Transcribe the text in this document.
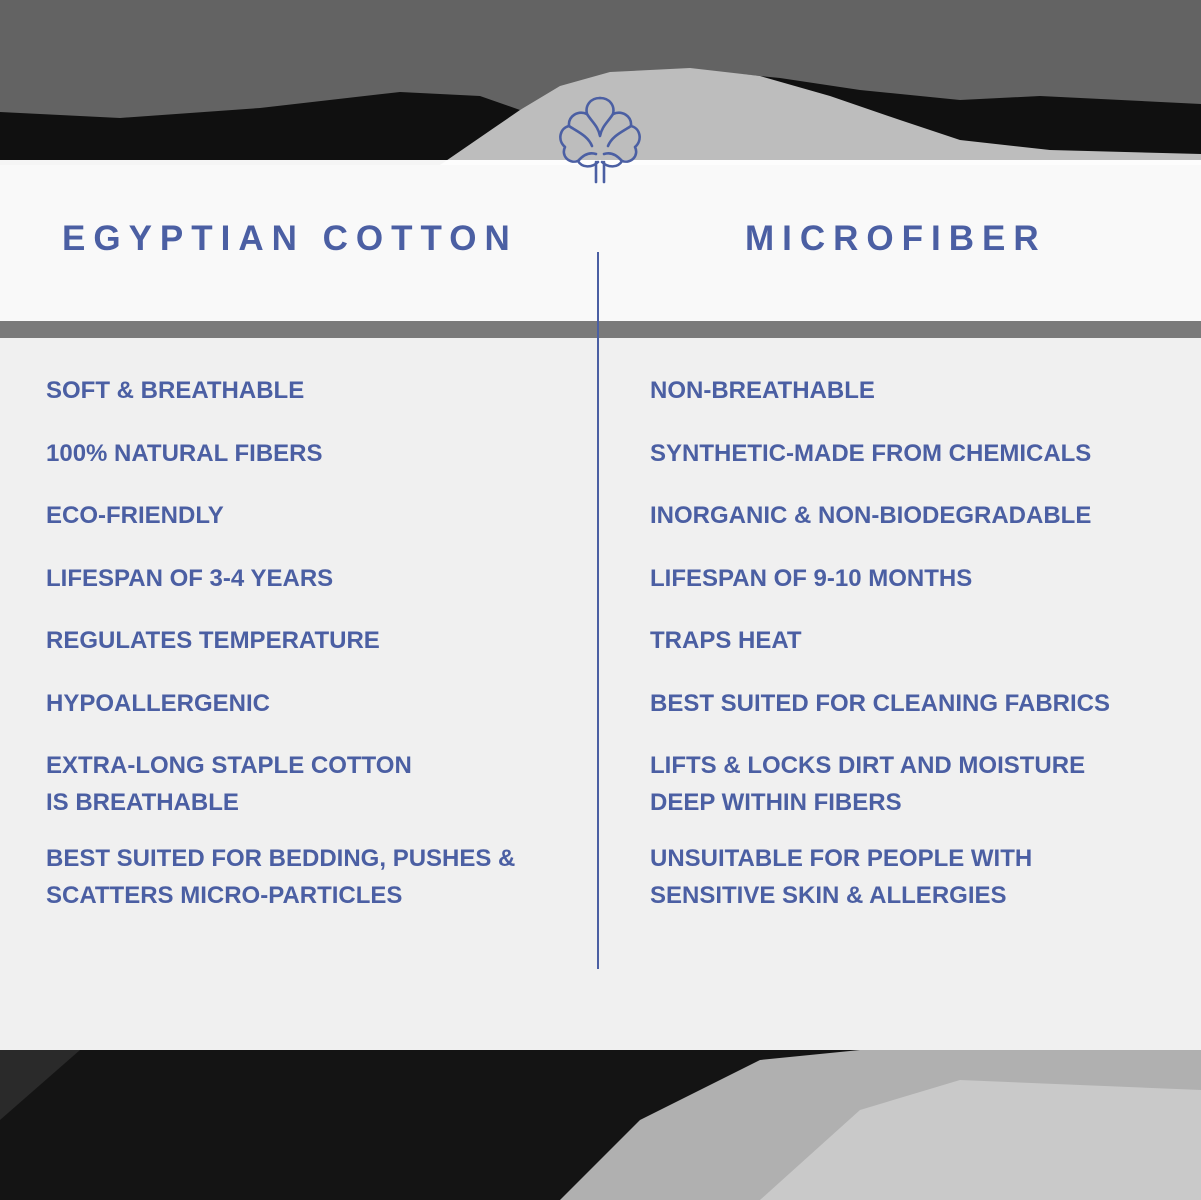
EGYPTIAN COTTON	MICROFIBER
SOFT & BREATHABLE
100% NATURAL FIBERS
ECO-FRIENDLY
LIFESPAN OF 3-4 YEARS
REGULATES TEMPERATURE
HYPOALLERGENIC
EXTRA-LONG STAPLE COTTON
IS BREATHABLE
BEST SUITED FOR BEDDING, PUSHES &
SCATTERS MICRO-PARTICLES
NON-BREATHABLE
SYNTHETIC-MADE FROM CHEMICALS
INORGANIC & NON-BIODEGRADABLE
LIFESPAN OF 9-10 MONTHS
TRAPS HEAT
BEST SUITED FOR CLEANING FABRICS
LIFTS & LOCKS DIRT AND MOISTURE
DEEP WITHIN FIBERS
UNSUITABLE FOR PEOPLE WITH
SENSITIVE SKIN & ALLERGIES
